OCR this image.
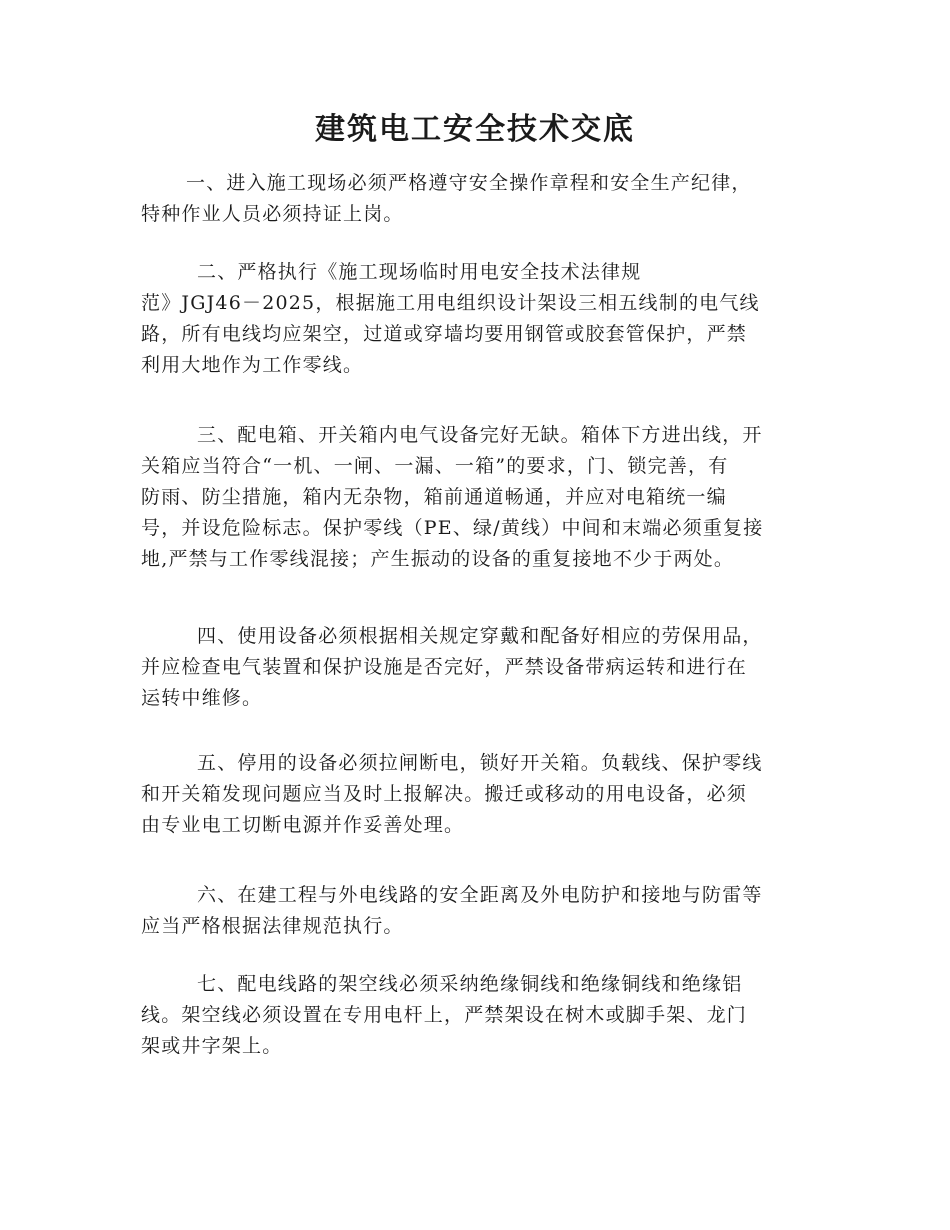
建筑电工安全技术交底

一、进入施工现场必须严格遵守安全操作章程和安全生产纪律，
特种作业人员必须持证上岗。

二、严格执行《施工现场临时用电安全技术法律规
范》JGJ46－2025，根据施工用电组织设计架设三相五线制的电气线
路，所有电线均应架空，过道或穿墙均要用钢管或胶套管保护，严禁
利用大地作为工作零线。

三、配电箱、开关箱内电气设备完好无缺。箱体下方进出线，开
关箱应当符合“一机、一闸、一漏、一箱”的要求，门、锁完善，有
防雨、防尘措施，箱内无杂物，箱前通道畅通，并应对电箱统一编
号，并设危险标志。保护零线（PE、绿/黄线）中间和末端必须重复接
地,严禁与工作零线混接；产生振动的设备的重复接地不少于两处。

四、使用设备必须根据相关规定穿戴和配备好相应的劳保用品，
并应检查电气装置和保护设施是否完好，严禁设备带病运转和进行在
运转中维修。

五、停用的设备必须拉闸断电，锁好开关箱。负载线、保护零线
和开关箱发现问题应当及时上报解决。搬迁或移动的用电设备，必须
由专业电工切断电源并作妥善处理。

六、在建工程与外电线路的安全距离及外电防护和接地与防雷等
应当严格根据法律规范执行。

七、配电线路的架空线必须采纳绝缘铜线和绝缘铜线和绝缘铝
线。架空线必须设置在专用电杆上，严禁架设在树木或脚手架、龙门
架或井字架上。
